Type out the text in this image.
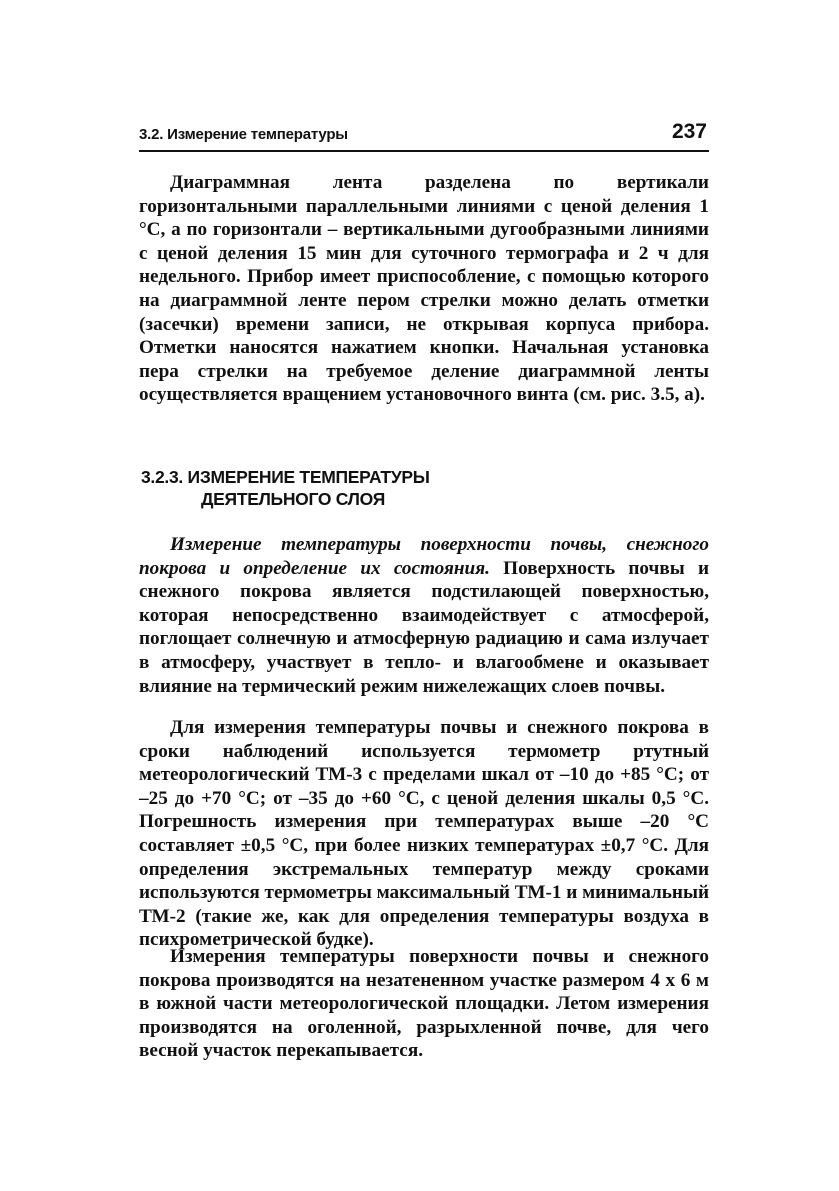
3.2. Измерение температуры	237

Диаграммная лента разделена по вертикали горизонтальными параллельными линиями с ценой деления 1 °С, а по горизонтали – вертикальными дугообразными линиями с ценой деления 15 мин для суточного термографа и 2 ч для недельного. Прибор имеет приспособление, с помощью которого на диаграммной ленте пером стрелки можно делать отметки (засечки) времени записи, не открывая корпуса прибора. Отметки наносятся нажатием кнопки. Начальная установка пера стрелки на требуемое деление диаграммной ленты осуществляется вращением установочного винта (см. рис. 3.5, а).

3.2.3. ИЗМЕРЕНИЕ ТЕМПЕРАТУРЫ
ДЕЯТЕЛЬНОГО СЛОЯ

Измерение температуры поверхности почвы, снежного покрова и определение их состояния. Поверхность почвы и снежного покрова является подстилающей поверхностью, которая непосредственно взаимодействует с атмосферой, поглощает солнечную и атмосферную радиацию и сама излучает в атмосферу, участвует в тепло- и влагообмене и оказывает влияние на термический режим нижележащих слоев почвы.

Для измерения температуры почвы и снежного покрова в сроки наблюдений используется термометр ртутный метеорологический ТМ-3 с пределами шкал от –10 до +85 °С; от –25 до +70 °С; от –35 до +60 °С, с ценой деления шкалы 0,5 °С. Погрешность измерения при температурах выше –20 °С составляет ±0,5 °С, при более низких температурах ±0,7 °С. Для определения экстремальных температур между сроками используются термометры максимальный ТМ-1 и минимальный ТМ-2 (такие же, как для определения температуры воздуха в психрометрической будке).

Измерения температуры поверхности почвы и снежного покрова производятся на незатененном участке размером 4 х 6 м в южной части метеорологической площадки. Летом измерения производятся на оголенной, разрыхленной почве, для чего весной участок перекапывается.
